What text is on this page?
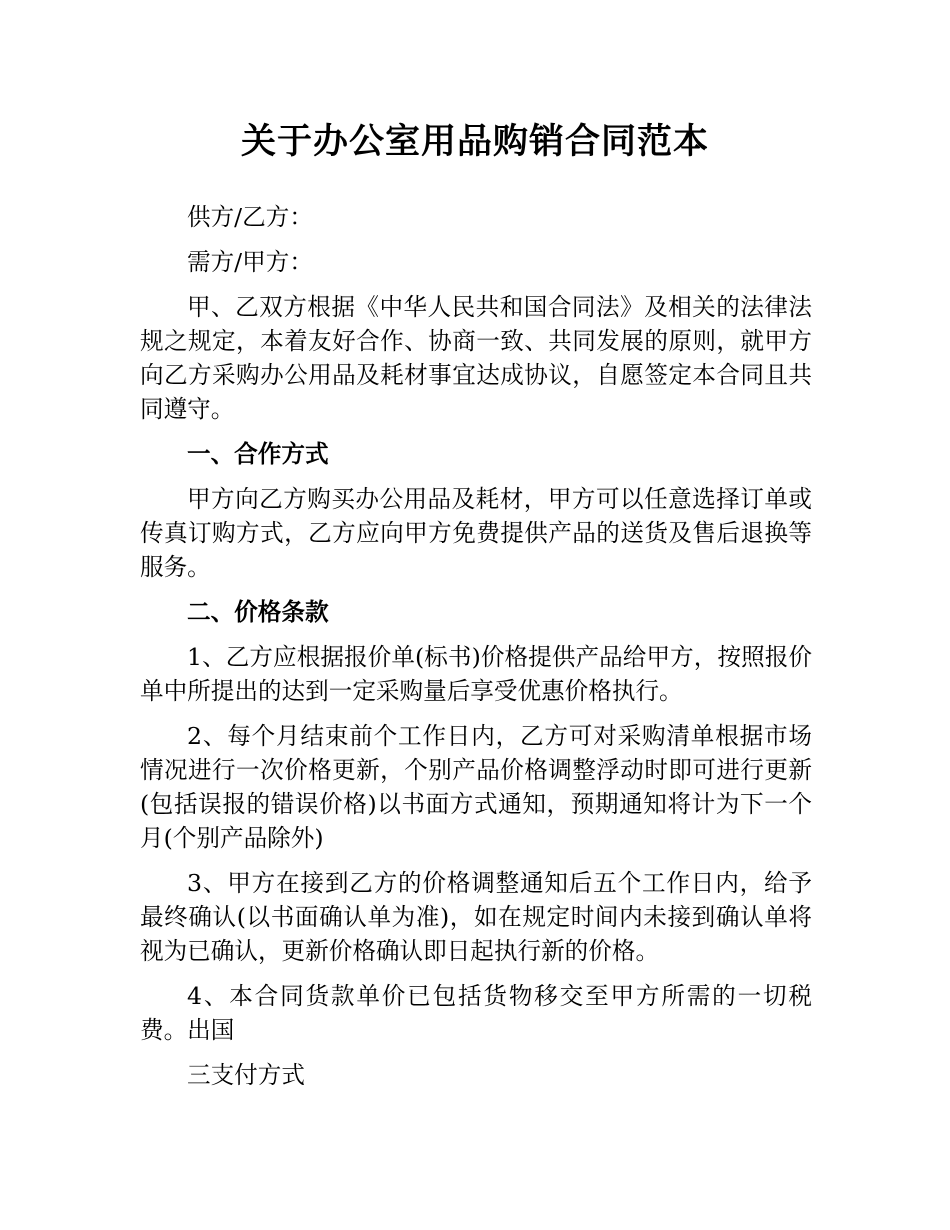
关于办公室用品购销合同范本

供方/乙方：

需方/甲方：

甲、乙双方根据《中华人民共和国合同法》及相关的法律法规之规定，本着友好合作、协商一致、共同发展的原则，就甲方向乙方采购办公用品及耗材事宜达成协议，自愿签定本合同且共同遵守。

一、合作方式

甲方向乙方购买办公用品及耗材，甲方可以任意选择订单或传真订购方式，乙方应向甲方免费提供产品的送货及售后退换等服务。

二、价格条款

1、乙方应根据报价单(标书)价格提供产品给甲方，按照报价单中所提出的达到一定采购量后享受优惠价格执行。

2、每个月结束前个工作日内，乙方可对采购清单根据市场情况进行一次价格更新，个别产品价格调整浮动时即可进行更新(包括误报的错误价格)以书面方式通知，预期通知将计为下一个月(个别产品除外)

3、甲方在接到乙方的价格调整通知后五个工作日内，给予最终确认(以书面确认单为准)，如在规定时间内未接到确认单将视为已确认，更新价格确认即日起执行新的价格。

4、本合同货款单价已包括货物移交至甲方所需的一切税费。出国

三支付方式
